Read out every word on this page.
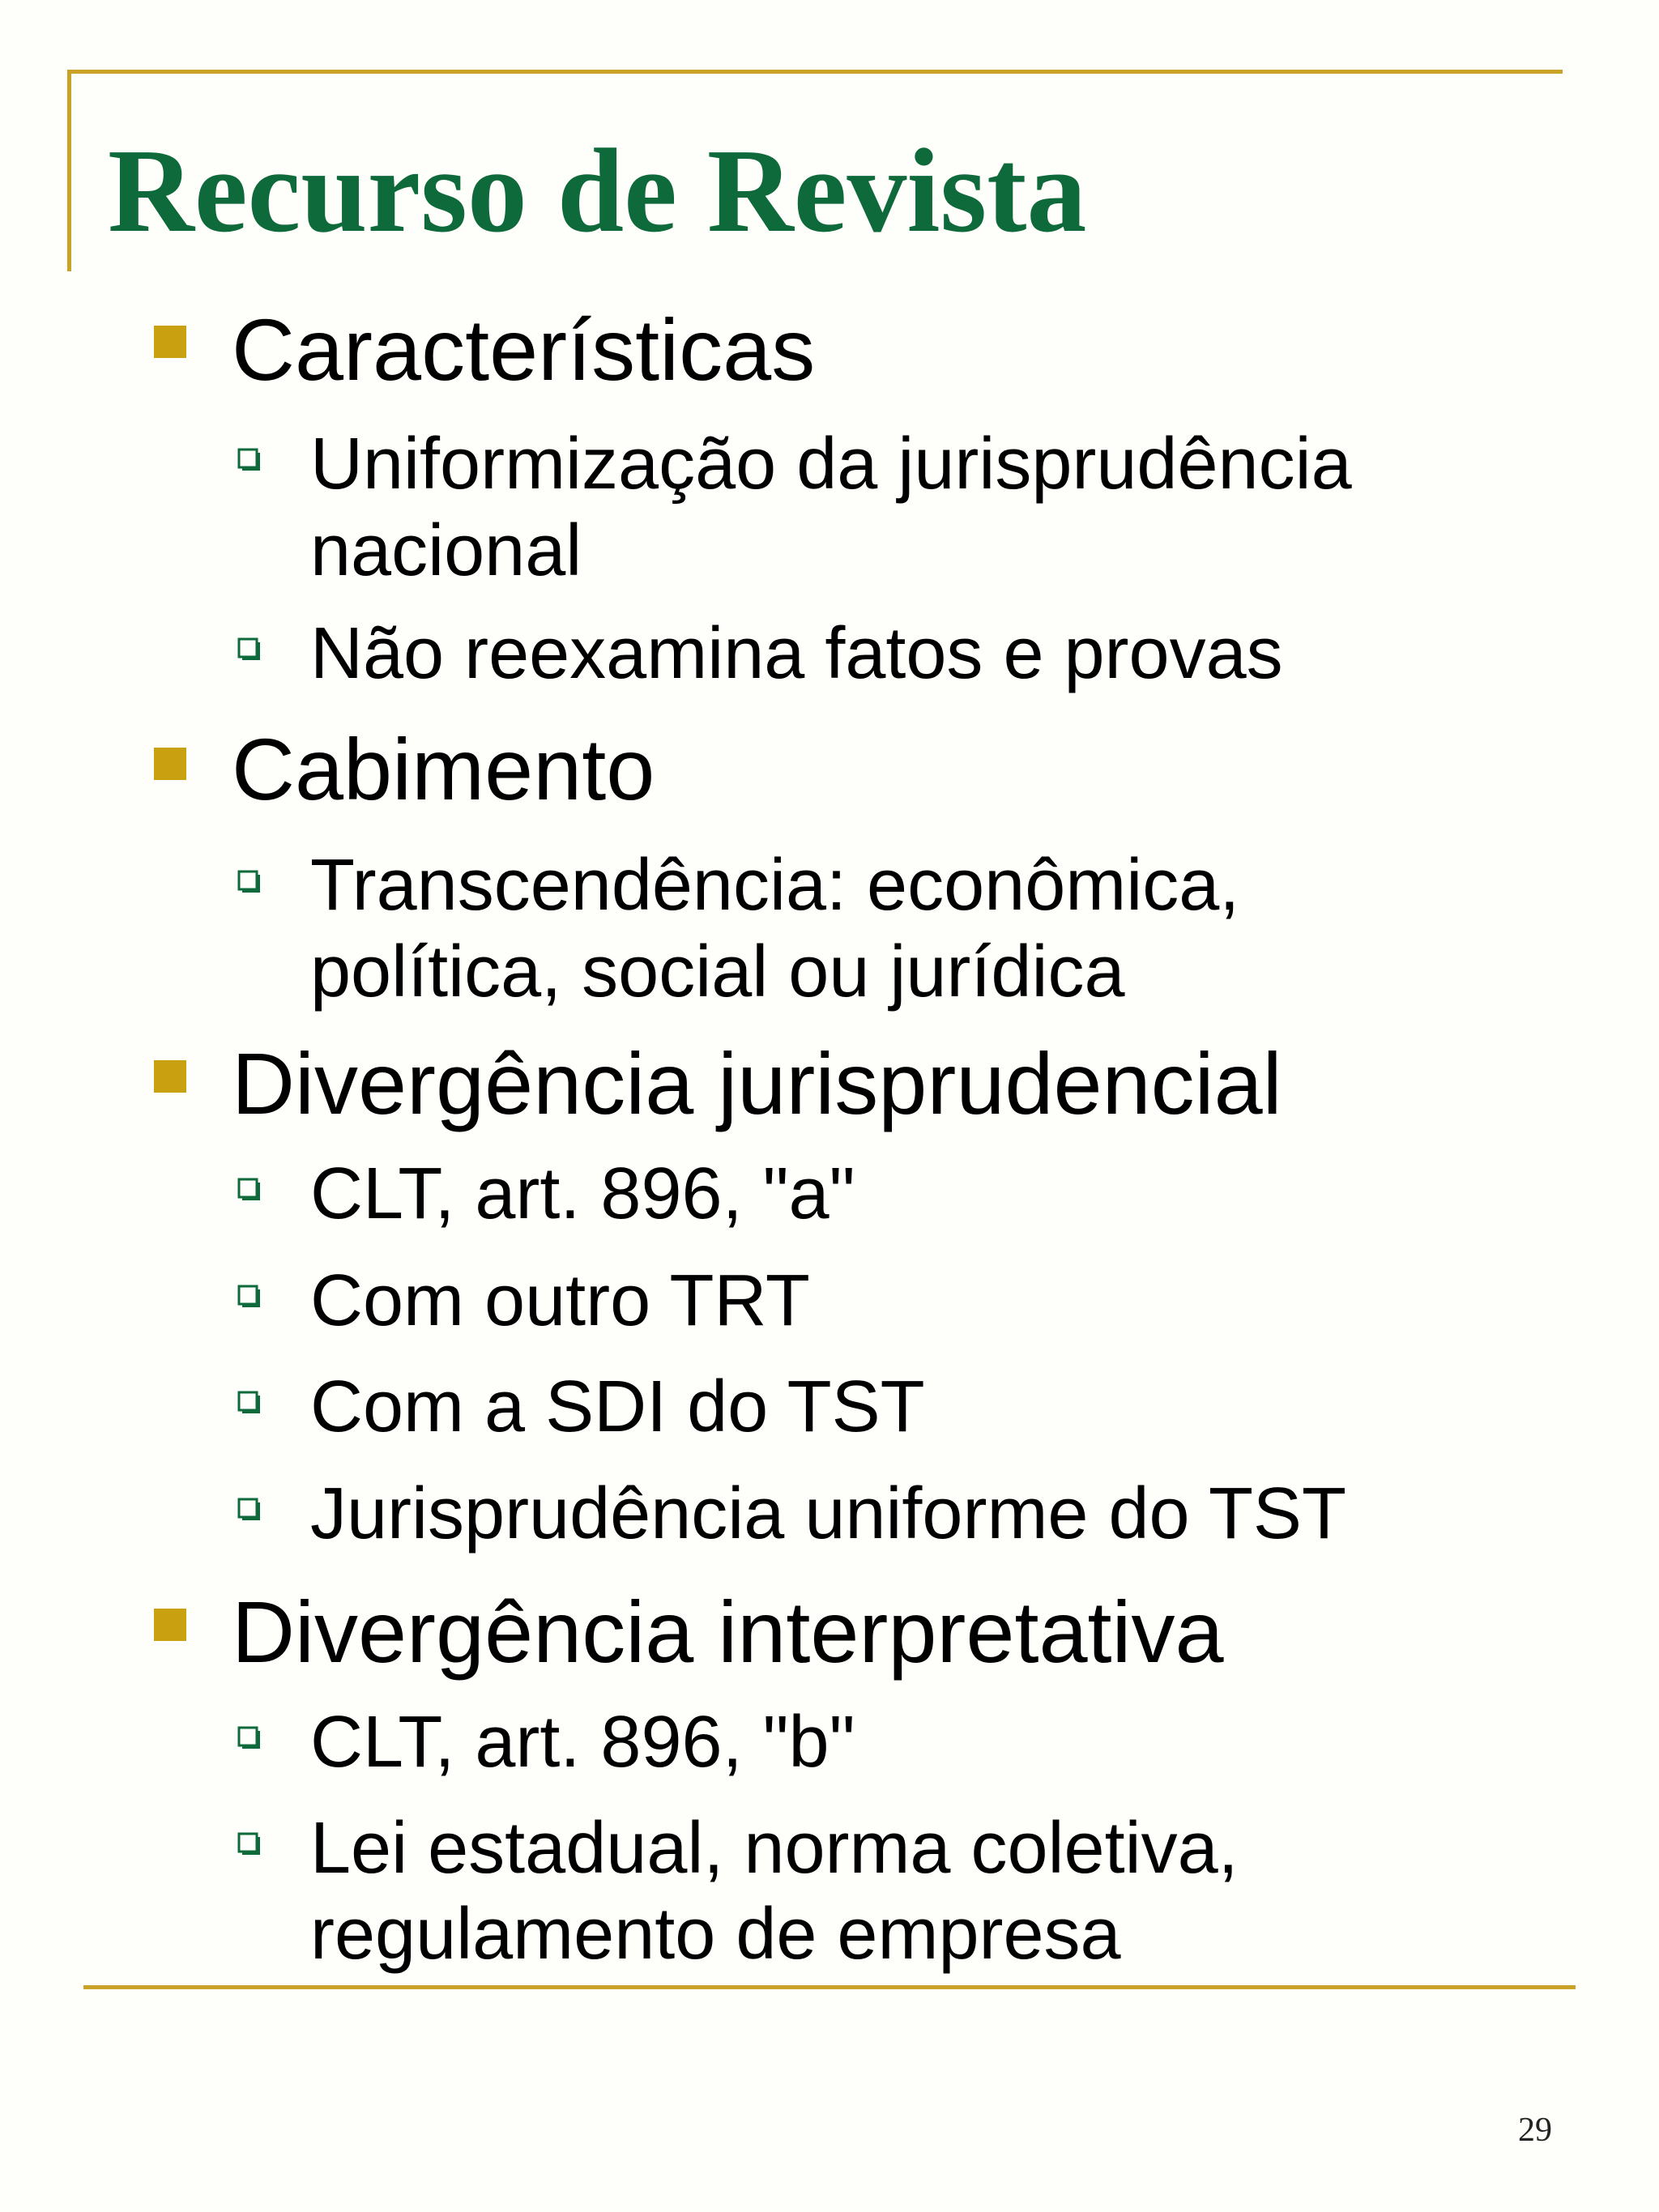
Recurso de Revista
Características
Uniformização da jurisprudência
nacional
Não reexamina fatos e provas
Cabimento
Transcendência: econômica,
política, social ou jurídica
Divergência jurisprudencial
CLT, art. 896, "a"
Com outro TRT
Com a SDI do TST
Jurisprudência uniforme do TST
Divergência interpretativa
CLT, art. 896, "b"
Lei estadual, norma coletiva,
regulamento de empresa
29
